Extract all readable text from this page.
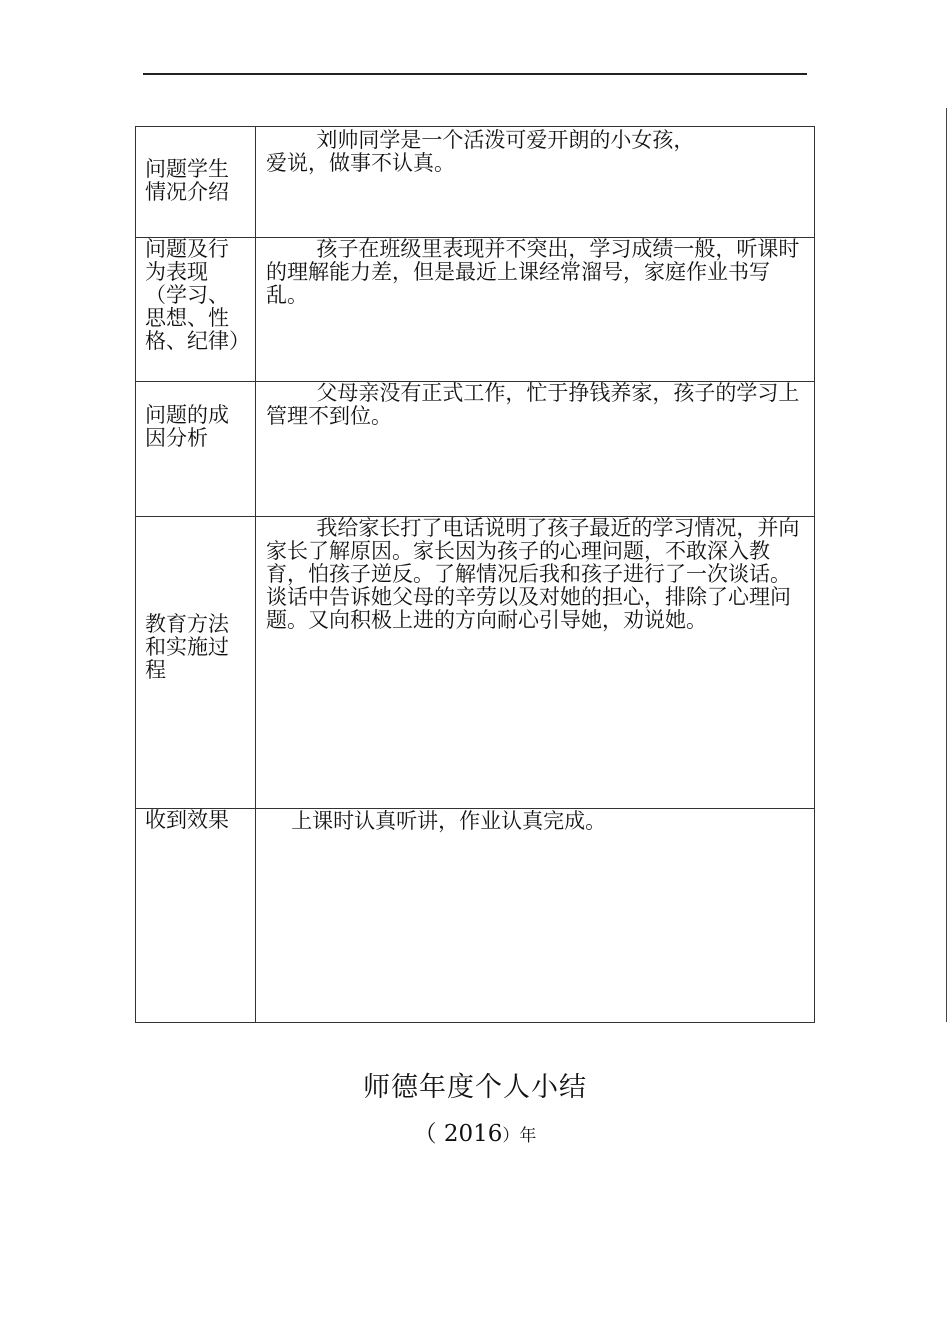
问题学生情况介绍	刘帅同学是一个活泼可爱开朗的小女孩，爱说，做事不认真。

问题及行为表现（学习、思想、性格、纪律）	孩子在班级里表现并不突出，学习成绩一般，听课时的理解能力差，但是最近上课经常溜号，家庭作业书写乱。

问题的成因分析	父母亲没有正式工作，忙于挣钱养家，孩子的学习上管理不到位。

教育方法和实施过程	我给家长打了电话说明了孩子最近的学习情况，并向家长了解原因。家长因为孩子的心理问题，不敢深入教育，怕孩子逆反。了解情况后我和孩子进行了一次谈话。谈话中告诉她父母的辛劳以及对她的担心，排除了心理问题。又向积极上进的方向耐心引导她，劝说她。

收到效果	上课时认真听讲，作业认真完成。
师德年度个人小结
（ 2016）年
